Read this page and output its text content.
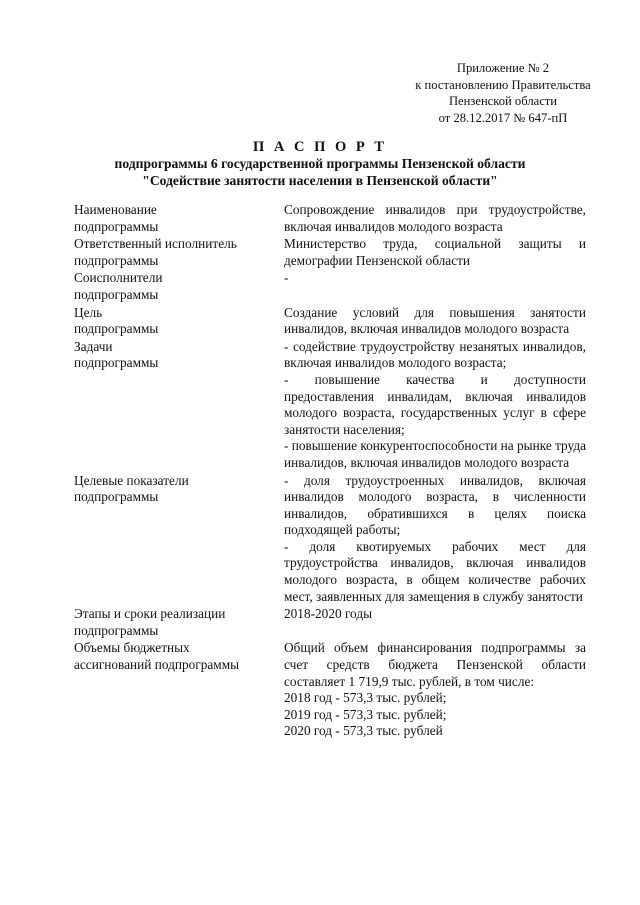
Приложение № 2
к постановлению Правительства
Пензенской области
от 28.12.2017 № 647-пП
П А С П О Р Т
подпрограммы 6 государственной программы Пензенской области
"Содействие занятости населения в Пензенской области"
Наименование
подпрограммы

Сопровождение инвалидов при трудоустройстве, включая инвалидов молодого возраста

Ответственный исполнитель
подпрограммы

Министерство труда, социальной защиты и демографии Пензенской области

Соисполнители
подпрограммы

-

Цель
подпрограммы

Создание условий для повышения занятости инвалидов, включая инвалидов молодого возраста

Задачи
подпрограммы

- содействие трудоустройству незанятых инвалидов, включая инвалидов молодого возраста;

- повышение качества и доступности предоставления инвалидам, включая инвалидов молодого возраста, государственных услуг в сфере занятости населения;

- повышение конкурентоспособности на рынке труда инвалидов, включая инвалидов молодого возраста

Целевые показатели
подпрограммы

- доля трудоустроенных инвалидов, включая инвалидов молодого возраста, в численности инвалидов, обратившихся в целях поиска подходящей работы;

- доля квотируемых рабочих мест для трудоустройства инвалидов, включая инвалидов молодого возраста, в общем количестве рабочих мест, заявленных для замещения в службу занятости

Этапы и сроки реализации
подпрограммы

2018-2020 годы

Объемы бюджетных
ассигнований подпрограммы

Общий объем финансирования подпрограммы за счет средств бюджета Пензенской области составляет 1 719,9 тыс. рублей, в том числе:

2018 год - 573,3 тыс. рублей;

2019 год - 573,3 тыс. рублей;

2020 год - 573,3 тыс. рублей
